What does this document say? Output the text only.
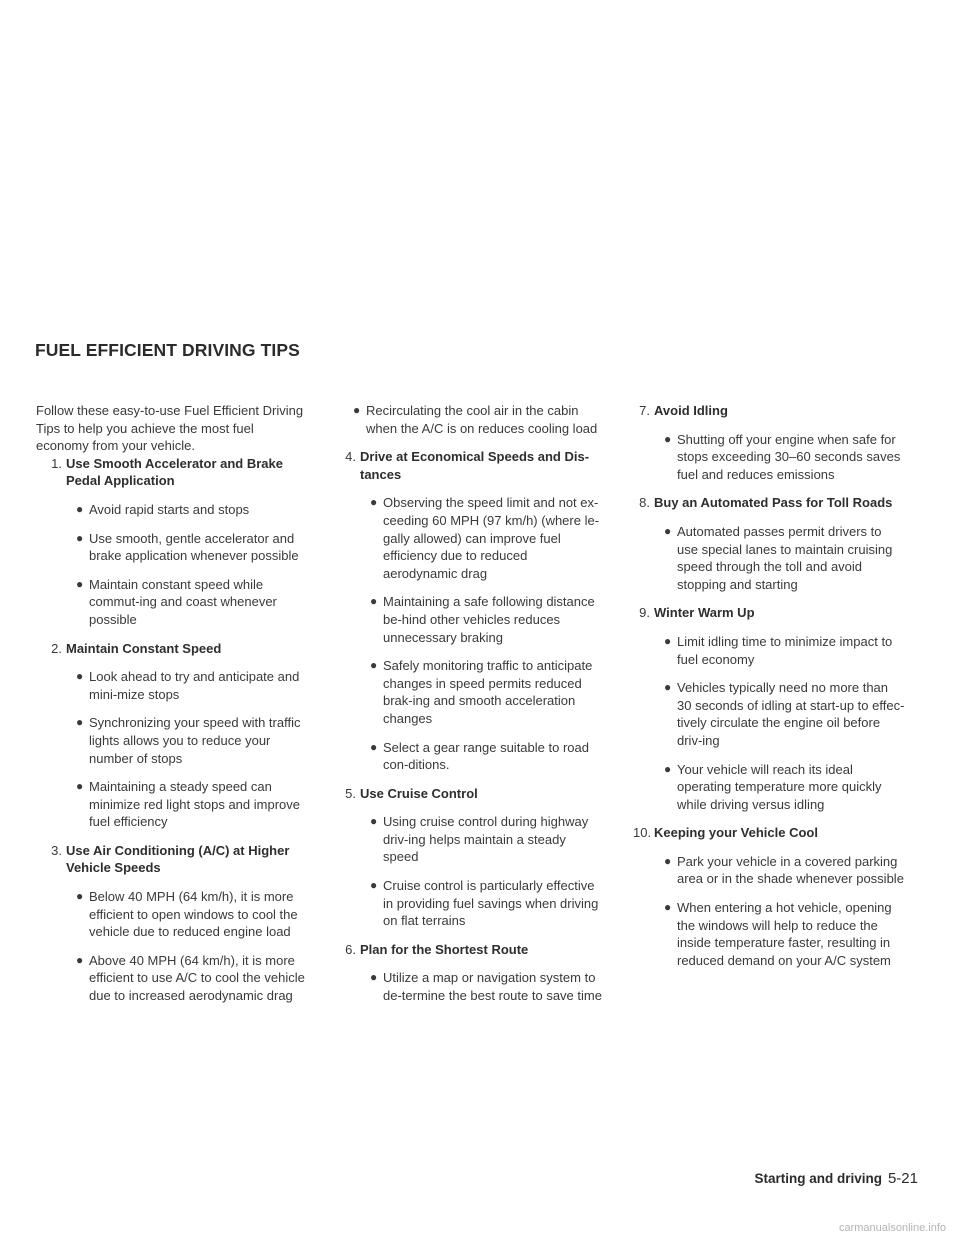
FUEL EFFICIENT DRIVING TIPS

Follow these easy-to-use Fuel Efficient Driving Tips to help you achieve the most fuel economy from your vehicle.

1. Use Smooth Accelerator and Brake Pedal Application
● Avoid rapid starts and stops
● Use smooth, gentle accelerator and brake application whenever possible
● Maintain constant speed while commut-ing and coast whenever possible
2. Maintain Constant Speed
● Look ahead to try and anticipate and mini-mize stops
● Synchronizing your speed with traffic lights allows you to reduce your number of stops
● Maintaining a steady speed can minimize red light stops and improve fuel efficiency
3. Use Air Conditioning (A/C) at Higher Vehicle Speeds
● Below 40 MPH (64 km/h), it is more efficient to open windows to cool the vehicle due to reduced engine load
● Above 40 MPH (64 km/h), it is more efficient to use A/C to cool the vehicle due to increased aerodynamic drag
● Recirculating the cool air in the cabin when the A/C is on reduces cooling load
4. Drive at Economical Speeds and Dis-tances
● Observing the speed limit and not ex-ceeding 60 MPH (97 km/h) (where le-gally allowed) can improve fuel efficiency due to reduced aerodynamic drag
● Maintaining a safe following distance be-hind other vehicles reduces unnecessary braking
● Safely monitoring traffic to anticipate changes in speed permits reduced brak-ing and smooth acceleration changes
● Select a gear range suitable to road con-ditions.
5. Use Cruise Control
● Using cruise control during highway driv-ing helps maintain a steady speed
● Cruise control is particularly effective in providing fuel savings when driving on flat terrains
6. Plan for the Shortest Route
● Utilize a map or navigation system to de-termine the best route to save time
7. Avoid Idling
● Shutting off your engine when safe for stops exceeding 30–60 seconds saves fuel and reduces emissions
8. Buy an Automated Pass for Toll Roads
● Automated passes permit drivers to use special lanes to maintain cruising speed through the toll and avoid stopping and starting
9. Winter Warm Up
● Limit idling time to minimize impact to fuel economy
● Vehicles typically need no more than 30 seconds of idling at start-up to effec-tively circulate the engine oil before driv-ing
● Your vehicle will reach its ideal operating temperature more quickly while driving versus idling
10. Keeping your Vehicle Cool
● Park your vehicle in a covered parking area or in the shade whenever possible
● When entering a hot vehicle, opening the windows will help to reduce the inside temperature faster, resulting in reduced demand on your A/C system
Starting and driving 5-21
carmanualsonline.info
